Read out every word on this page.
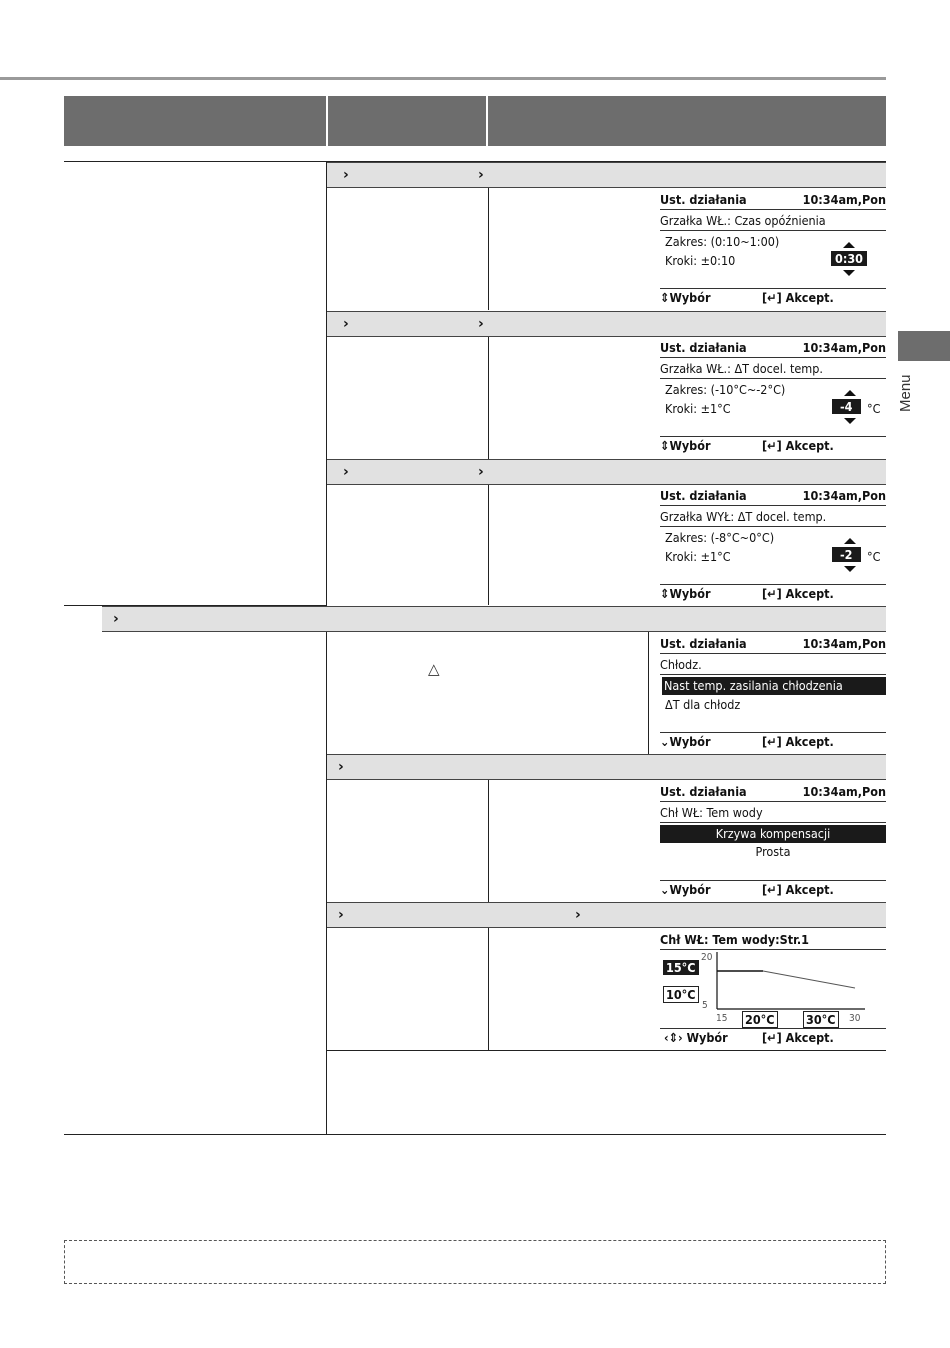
›	›
›	›
›	›
›
›
›	›
△
Ust. działania	10:34am,Pon
Grzałka WŁ.: Czas opóźnienia
Zakres: (0:10~1:00)
Kroki: ±0:10	0:30
⇕Wybór	[↵] Akcept.
Ust. działania	10:34am,Pon
Grzałka WŁ.: ΔT docel. temp.
Zakres: (-10°C~-2°C)
Kroki: ±1°C	-4	°C
⇕Wybór	[↵] Akcept.
Ust. działania	10:34am,Pon
Grzałka WYŁ: ΔT docel. temp.
Zakres: (-8°C~0°C)
Kroki: ±1°C	-2	°C
⇕Wybór	[↵] Akcept.
Ust. działania	10:34am,Pon
Chłodz.
Nast temp. zasilania chłodzenia
ΔT dla chłodz
⌄Wybór	[↵] Akcept.
Ust. działania	10:34am,Pon
Chł WŁ: Tem wody
Krzywa kompensacji
Prosta
⌄Wybór	[↵] Akcept.
Chł WŁ: Tem wody:Str.1
15°C
10°C
20
5
15 20°C	30°C	30
‹⇕› Wybór	[↵] Akcept.
Menu
